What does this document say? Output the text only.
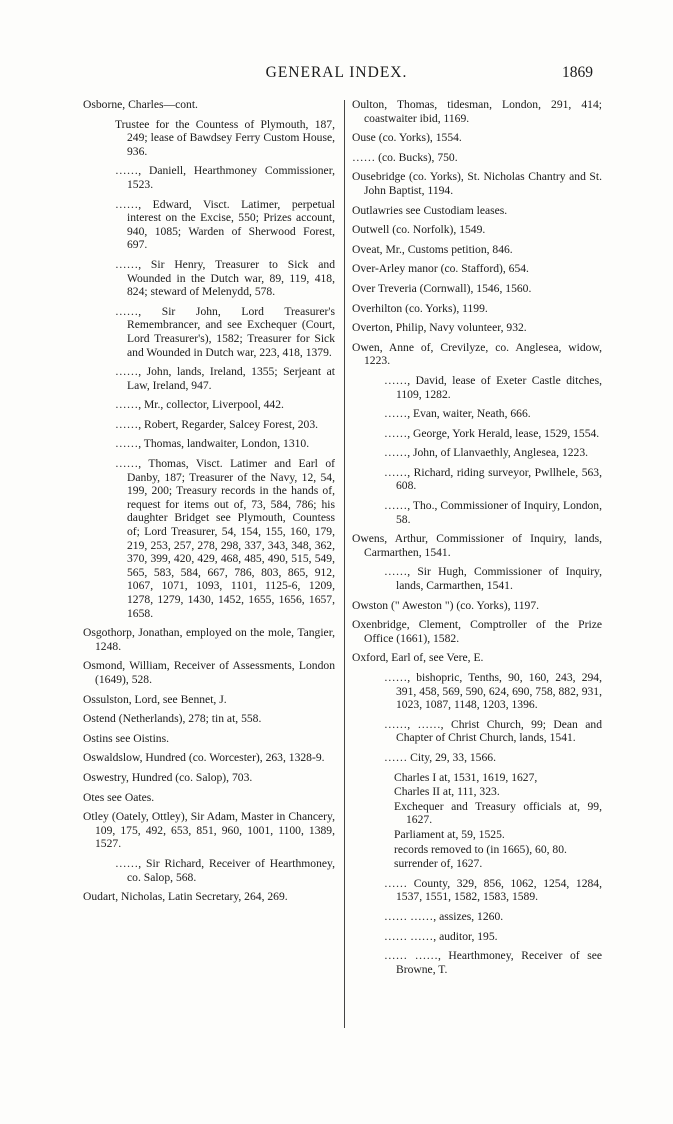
GENERAL INDEX.	1869
Osborne, Charles—cont.
Trustee for the Countess of Plymouth, 187, 249; lease of Bawdsey Ferry Custom House, 936.
……, Daniell, Hearthmoney Commissioner, 1523.
……, Edward, Visct. Latimer, perpetual interest on the Excise, 550; Prizes account, 940, 1085; Warden of Sherwood Forest, 697.
……, Sir Henry, Treasurer to Sick and Wounded in the Dutch war, 89, 119, 418, 824; steward of Melenydd, 578.
……, Sir John, Lord Treasurer's Remembrancer, and see Exchequer (Court, Lord Treasurer's), 1582; Treasurer for Sick and Wounded in Dutch war, 223, 418, 1379.
……, John, lands, Ireland, 1355; Serjeant at Law, Ireland, 947.
……, Mr., collector, Liverpool, 442.
……, Robert, Regarder, Salcey Forest, 203.
……, Thomas, landwaiter, London, 1310.
……, Thomas, Visct. Latimer and Earl of Danby, 187; Treasurer of the Navy, 12, 54, 199, 200; Treasury records in the hands of, request for items out of, 73, 584, 786; his daughter Bridget see Plymouth, Countess of; Lord Treasurer, 54, 154, 155, 160, 179, 219, 253, 257, 278, 298, 337, 343, 348, 362, 370, 399, 420, 429, 468, 485, 490, 515, 549, 565, 583, 584, 667, 786, 803, 865, 912, 1067, 1071, 1093, 1101, 1125-6, 1209, 1278, 1279, 1430, 1452, 1655, 1656, 1657, 1658.
Osgothorp, Jonathan, employed on the mole, Tangier, 1248.
Osmond, William, Receiver of Assessments, London (1649), 528.
Ossulston, Lord, see Bennet, J.
Ostend (Netherlands), 278; tin at, 558.
Ostins see Oistins.
Oswaldslow, Hundred (co. Worcester), 263, 1328-9.
Oswestry, Hundred (co. Salop), 703.
Otes see Oates.
Otley (Oately, Ottley), Sir Adam, Master in Chancery, 109, 175, 492, 653, 851, 960, 1001, 1100, 1389, 1527.
……, Sir Richard, Receiver of Hearthmoney, co. Salop, 568.
Oudart, Nicholas, Latin Secretary, 264, 269.
Oulton, Thomas, tidesman, London, 291, 414; coastwaiter ibid, 1169.
Ouse (co. Yorks), 1554.
…… (co. Bucks), 750.
Ousebridge (co. Yorks), St. Nicholas Chantry and St. John Baptist, 1194.
Outlawries see Custodiam leases.
Outwell (co. Norfolk), 1549.
Oveat, Mr., Customs petition, 846.
Over-Arley manor (co. Stafford), 654.
Over Treveria (Cornwall), 1546, 1560.
Overhilton (co. Yorks), 1199.
Overton, Philip, Navy volunteer, 932.
Owen, Anne of, Crevilyze, co. Anglesea, widow, 1223.
……, David, lease of Exeter Castle ditches, 1109, 1282.
……, Evan, waiter, Neath, 666.
……, George, York Herald, lease, 1529, 1554.
……, John, of Llanvaethly, Anglesea, 1223.
……, Richard, riding surveyor, Pwllhele, 563, 608.
……, Tho., Commissioner of Inquiry, London, 58.
Owens, Arthur, Commissioner of Inquiry, lands, Carmarthen, 1541.
……, Sir Hugh, Commissioner of Inquiry, lands, Carmarthen, 1541.
Owston (" Aweston ") (co. Yorks), 1197.
Oxenbridge, Clement, Comptroller of the Prize Office (1661), 1582.
Oxford, Earl of, see Vere, E.
……, bishopric, Tenths, 90, 160, 243, 294, 391, 458, 569, 590, 624, 690, 758, 882, 931, 1023, 1087, 1148, 1203, 1396.
……, ……, Christ Church, 99; Dean and Chapter of Christ Church, lands, 1541.
…… City, 29, 33, 1566.
Charles I at, 1531, 1619, 1627,
Charles II at, 111, 323.
Exchequer and Treasury officials at, 99, 1627.
Parliament at, 59, 1525.
records removed to (in 1665), 60, 80.
surrender of, 1627.
…… County, 329, 856, 1062, 1254, 1284, 1537, 1551, 1582, 1583, 1589.
…… ……, assizes, 1260.
…… ……, auditor, 195.
…… ……, Hearthmoney, Receiver of see Browne, T.
